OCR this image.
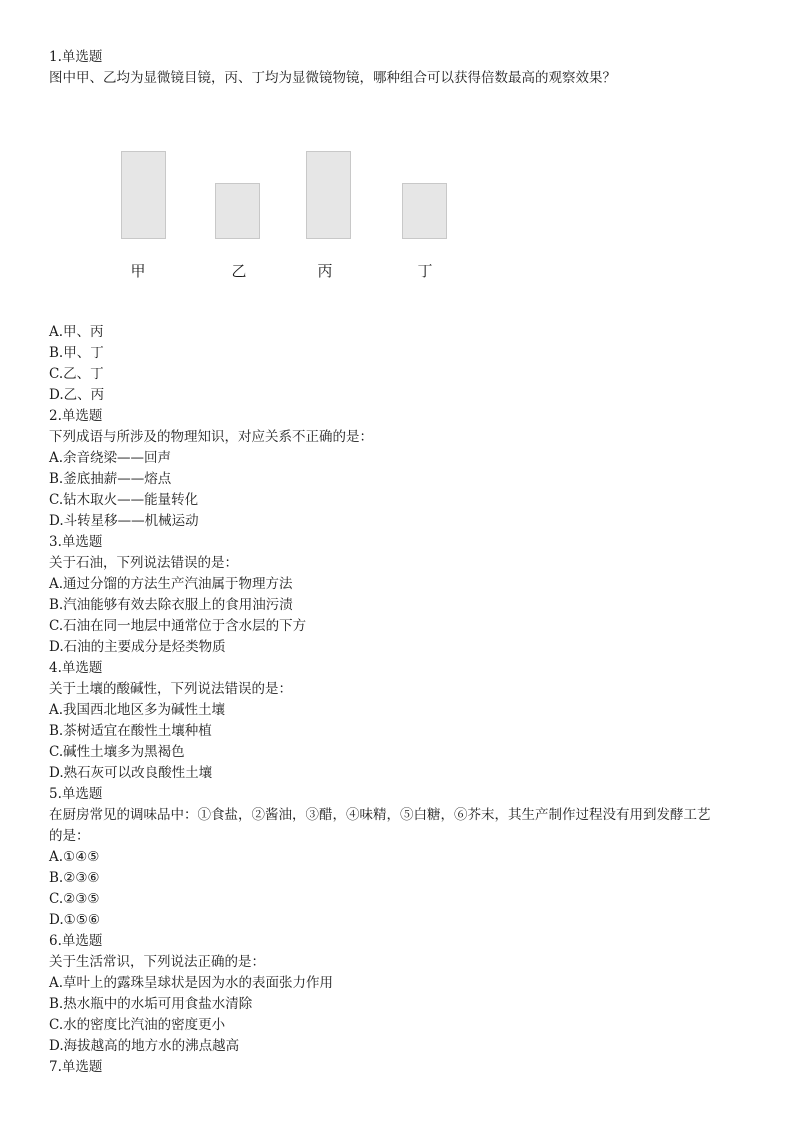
1.单选题
图中甲、乙均为显微镜目镜，丙、丁均为显微镜物镜，哪种组合可以获得倍数最高的观察效果？
甲	乙	丙	丁
A.甲、丙
B.甲、丁
C.乙、丁
D.乙、丙
2.单选题
下列成语与所涉及的物理知识，对应关系不正确的是：
A.余音绕梁——回声
B.釜底抽薪——熔点
C.钻木取火——能量转化
D.斗转星移——机械运动
3.单选题
关于石油，下列说法错误的是：
A.通过分馏的方法生产汽油属于物理方法
B.汽油能够有效去除衣服上的食用油污渍
C.石油在同一地层中通常位于含水层的下方
D.石油的主要成分是烃类物质
4.单选题
关于土壤的酸碱性，下列说法错误的是：
A.我国西北地区多为碱性土壤
B.茶树适宜在酸性土壤种植
C.碱性土壤多为黑褐色
D.熟石灰可以改良酸性土壤
5.单选题
在厨房常见的调味品中：①食盐，②酱油，③醋，④味精，⑤白糖，⑥芥末，其生产制作过程没有用到发酵工艺
的是：
A.①④⑤
B.②③⑥
C.②③⑤
D.①⑤⑥
6.单选题
关于生活常识，下列说法正确的是：
A.草叶上的露珠呈球状是因为水的表面张力作用
B.热水瓶中的水垢可用食盐水清除
C.水的密度比汽油的密度更小
D.海拔越高的地方水的沸点越高
7.单选题
